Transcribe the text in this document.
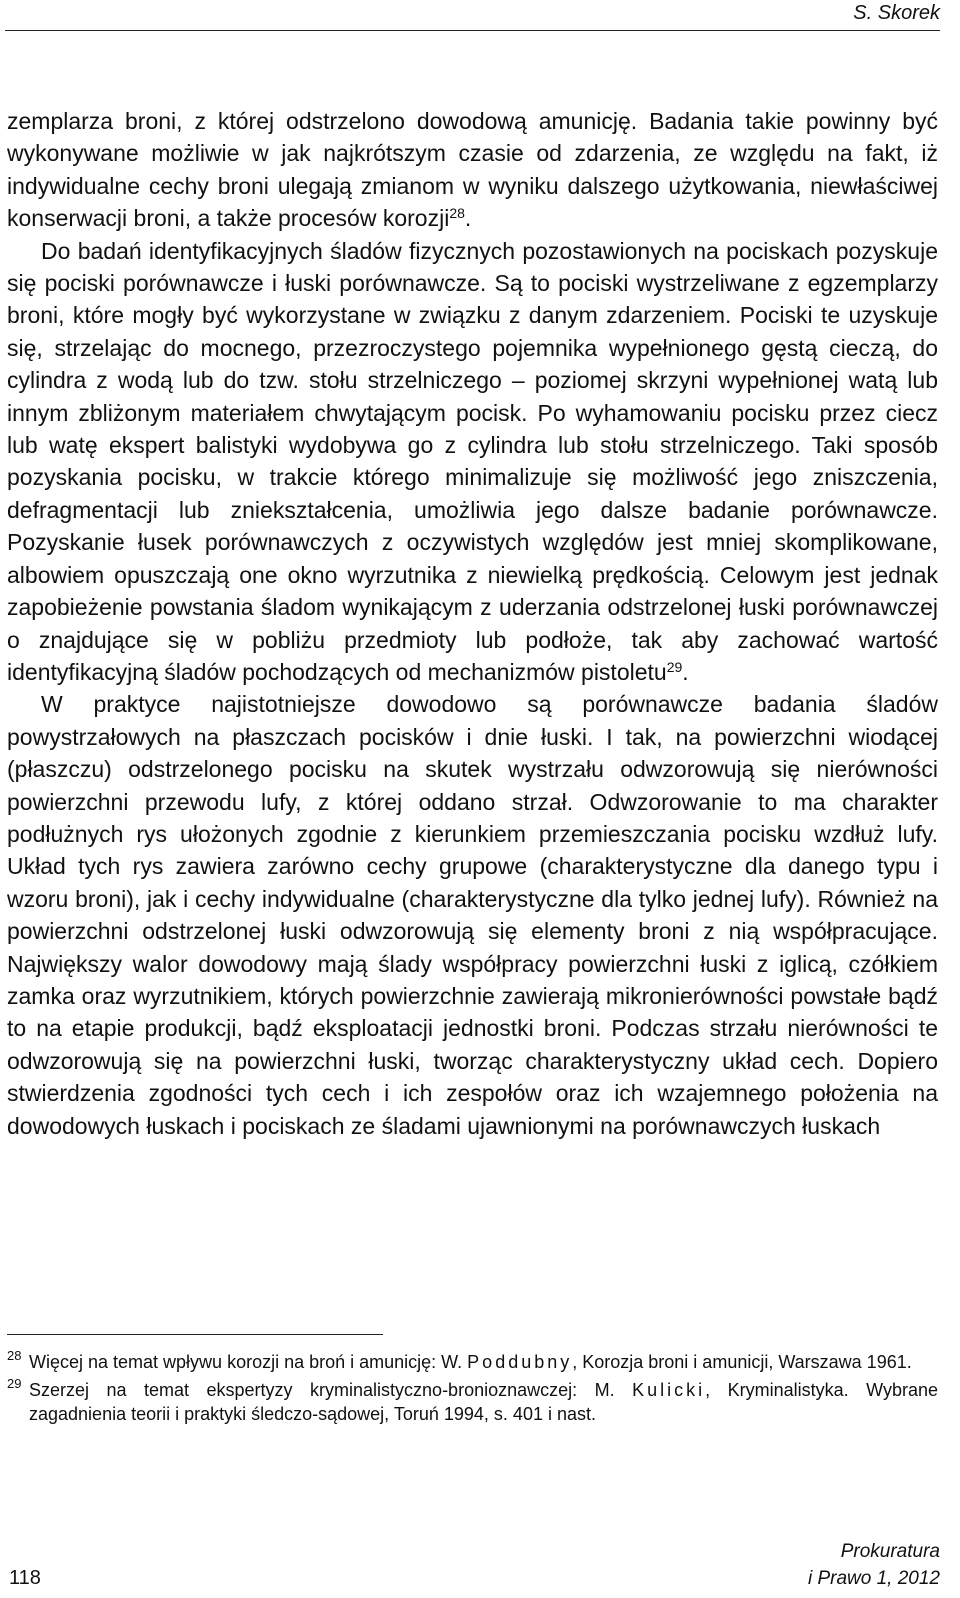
S. Skorek

zemplarza broni, z której odstrzelono dowodową amunicję. Badania takie powinny być wykonywane możliwie w jak najkrótszym czasie od zdarzenia, ze względu na fakt, iż indywidualne cechy broni ulegają zmianom w wyniku dalszego użytkowania, niewłaściwej konserwacji broni, a także procesów korozji$^{28}$.

Do badań identyfikacyjnych śladów fizycznych pozostawionych na pociskach pozyskuje się pociski porównawcze i łuski porównawcze. Są to pociski wystrzeliwane z egzemplarzy broni, które mogły być wykorzystane w związku z danym zdarzeniem. Pociski te uzyskuje się, strzelając do mocnego, przezroczystego pojemnika wypełnionego gęstą cieczą, do cylindra z wodą lub do tzw. stołu strzelniczego – poziomej skrzyni wypełnionej watą lub innym zbliżonym materiałem chwytającym pocisk. Po wyhamowaniu pocisku przez ciecz lub watę ekspert balistyki wydobywa go z cylindra lub stołu strzelniczego. Taki sposób pozyskania pocisku, w trakcie którego minimalizuje się możliwość jego zniszczenia, defragmentacji lub zniekształcenia, umożliwia jego dalsze badanie porównawcze. Pozyskanie łusek porównawczych z oczywistych względów jest mniej skomplikowane, albowiem opuszczają one okno wyrzutnika z niewielką prędkością. Celowym jest jednak zapobieżenie powstania śladom wynikającym z uderzania odstrzelonej łuski porównawczej o znajdujące się w pobliżu przedmioty lub podłoże, tak aby zachować wartość identyfikacyjną śladów pochodzących od mechanizmów pistoletu$^{29}$.

W praktyce najistotniejsze dowodowo są porównawcze badania śladów powystrzałowych na płaszczach pocisków i dnie łuski. I tak, na powierzchni wiodącej (płaszczu) odstrzelonego pocisku na skutek wystrzału odwzorowują się nierówności powierzchni przewodu lufy, z której oddano strzał. Odwzorowanie to ma charakter podłużnych rys ułożonych zgodnie z kierunkiem przemieszczania pocisku wzdłuż lufy. Układ tych rys zawiera zarówno cechy grupowe (charakterystyczne dla danego typu i wzoru broni), jak i cechy indywidualne (charakterystyczne dla tylko jednej lufy). Również na powierzchni odstrzelonej łuski odwzorowują się elementy broni z nią współpracujące. Największy walor dowodowy mają ślady współpracy powierzchni łuski z iglicą, czółkiem zamka oraz wyrzutnikiem, których powierzchnie zawierają mikronierówności powstałe bądź to na etapie produkcji, bądź eksploatacji jednostki broni. Podczas strzału nierówności te odwzorowują się na powierzchni łuski, tworząc charakterystyczny układ cech. Dopiero stwierdzenia zgodności tych cech i ich zespołów oraz ich wzajemnego położenia na dowodowych łuskach i pociskach ze śladami ujawnionymi na porównawczych łuskach

28 Więcej na temat wpływu korozji na broń i amunicję: W. Poddubny, Korozja broni i amunicji, Warszawa 1961.
29 Szerzej na temat ekspertyzy kryminalistyczno-bronioznawczej: M. Kulicki, Kryminalistyka. Wybrane zagadnienia teorii i praktyki śledczo-sądowej, Toruń 1994, s. 401 i nast.
118
Prokuratura
i Prawo 1, 2012
